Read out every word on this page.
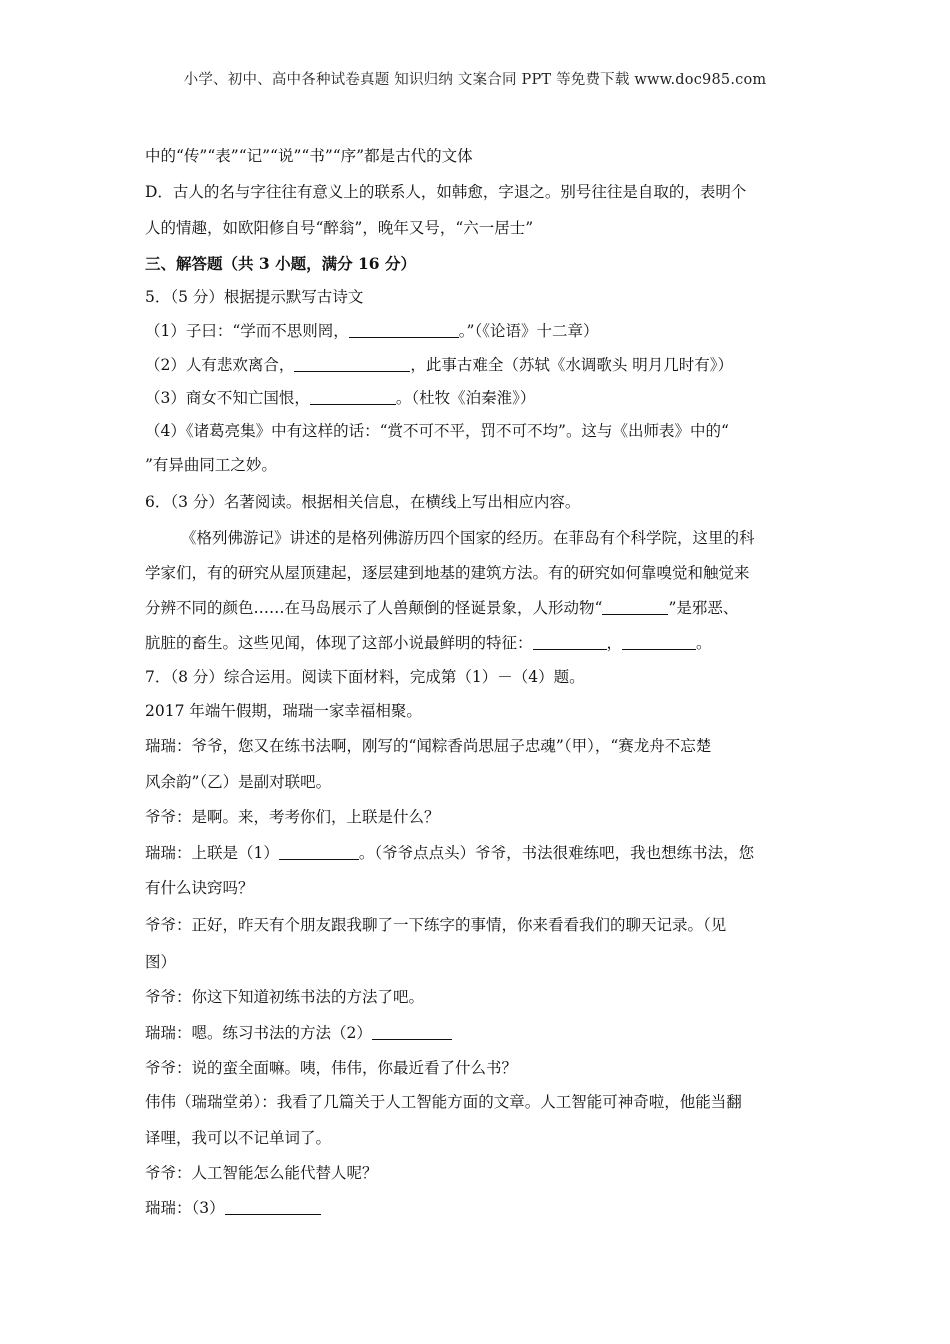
小学、初中、高中各种试卷真题 知识归纳 文案合同 PPT 等免费下载 www.doc985.com
中的“传”“表”“记”“说”“书”“序”都是古代的文体
D．古人的名与字往往有意义上的联系人，如韩愈，字退之。别号往往是自取的，表明个
人的情趣，如欧阳修自号“醉翁”，晚年又号，“六一居士”
三、解答题（共 3 小题，满分 16 分）
5．（5 分）根据提示默写古诗文
（1）子曰：“学而不思则罔，	。”（《论语》十二章）
（2）人有悲欢离合，	，此事古难全（苏轼《水调歌头 明月几时有》）
（3）商女不知亡国恨，	。（杜牧《泊秦淮》）
（4）《诸葛亮集》中有这样的话：“赏不可不平，罚不可不均”。这与《出师表》中的“
”有异曲同工之妙。
6．（3 分）名著阅读。根据相关信息，在横线上写出相应内容。
《格列佛游记》讲述的是格列佛游历四个国家的经历。在菲岛有个科学院，这里的科
学家们，有的研究从屋顶建起，逐层建到地基的建筑方法。有的研究如何靠嗅觉和触觉来
分辨不同的颜色……在马岛展示了人兽颠倒的怪诞景象，人形动物“	”是邪恶、
肮脏的畜生。这些见闻，体现了这部小说最鲜明的特征：	，	。
7．（8 分）综合运用。阅读下面材料，完成第（1）－（4）题。
2017 年端午假期，瑞瑞一家幸福相聚。
瑞瑞：爷爷，您又在练书法啊，刚写的“闻粽香尚思屈子忠魂”（甲），“赛龙舟不忘楚
风余韵”（乙）是副对联吧。
爷爷：是啊。来，考考你们，上联是什么？
瑞瑞：上联是（1）	。（爷爷点点头）爷爷，书法很难练吧，我也想练书法，您
有什么诀窍吗？
爷爷：正好，昨天有个朋友跟我聊了一下练字的事情，你来看看我们的聊天记录。（见
图）
爷爷：你这下知道初练书法的方法了吧。
瑞瑞：嗯。练习书法的方法（2）
爷爷：说的蛮全面嘛。咦，伟伟，你最近看了什么书？
伟伟（瑞瑞堂弟）：我看了几篇关于人工智能方面的文章。人工智能可神奇啦，他能当翻
译哩，我可以不记单词了。
爷爷：人工智能怎么能代替人呢？
瑞瑞：（3）
